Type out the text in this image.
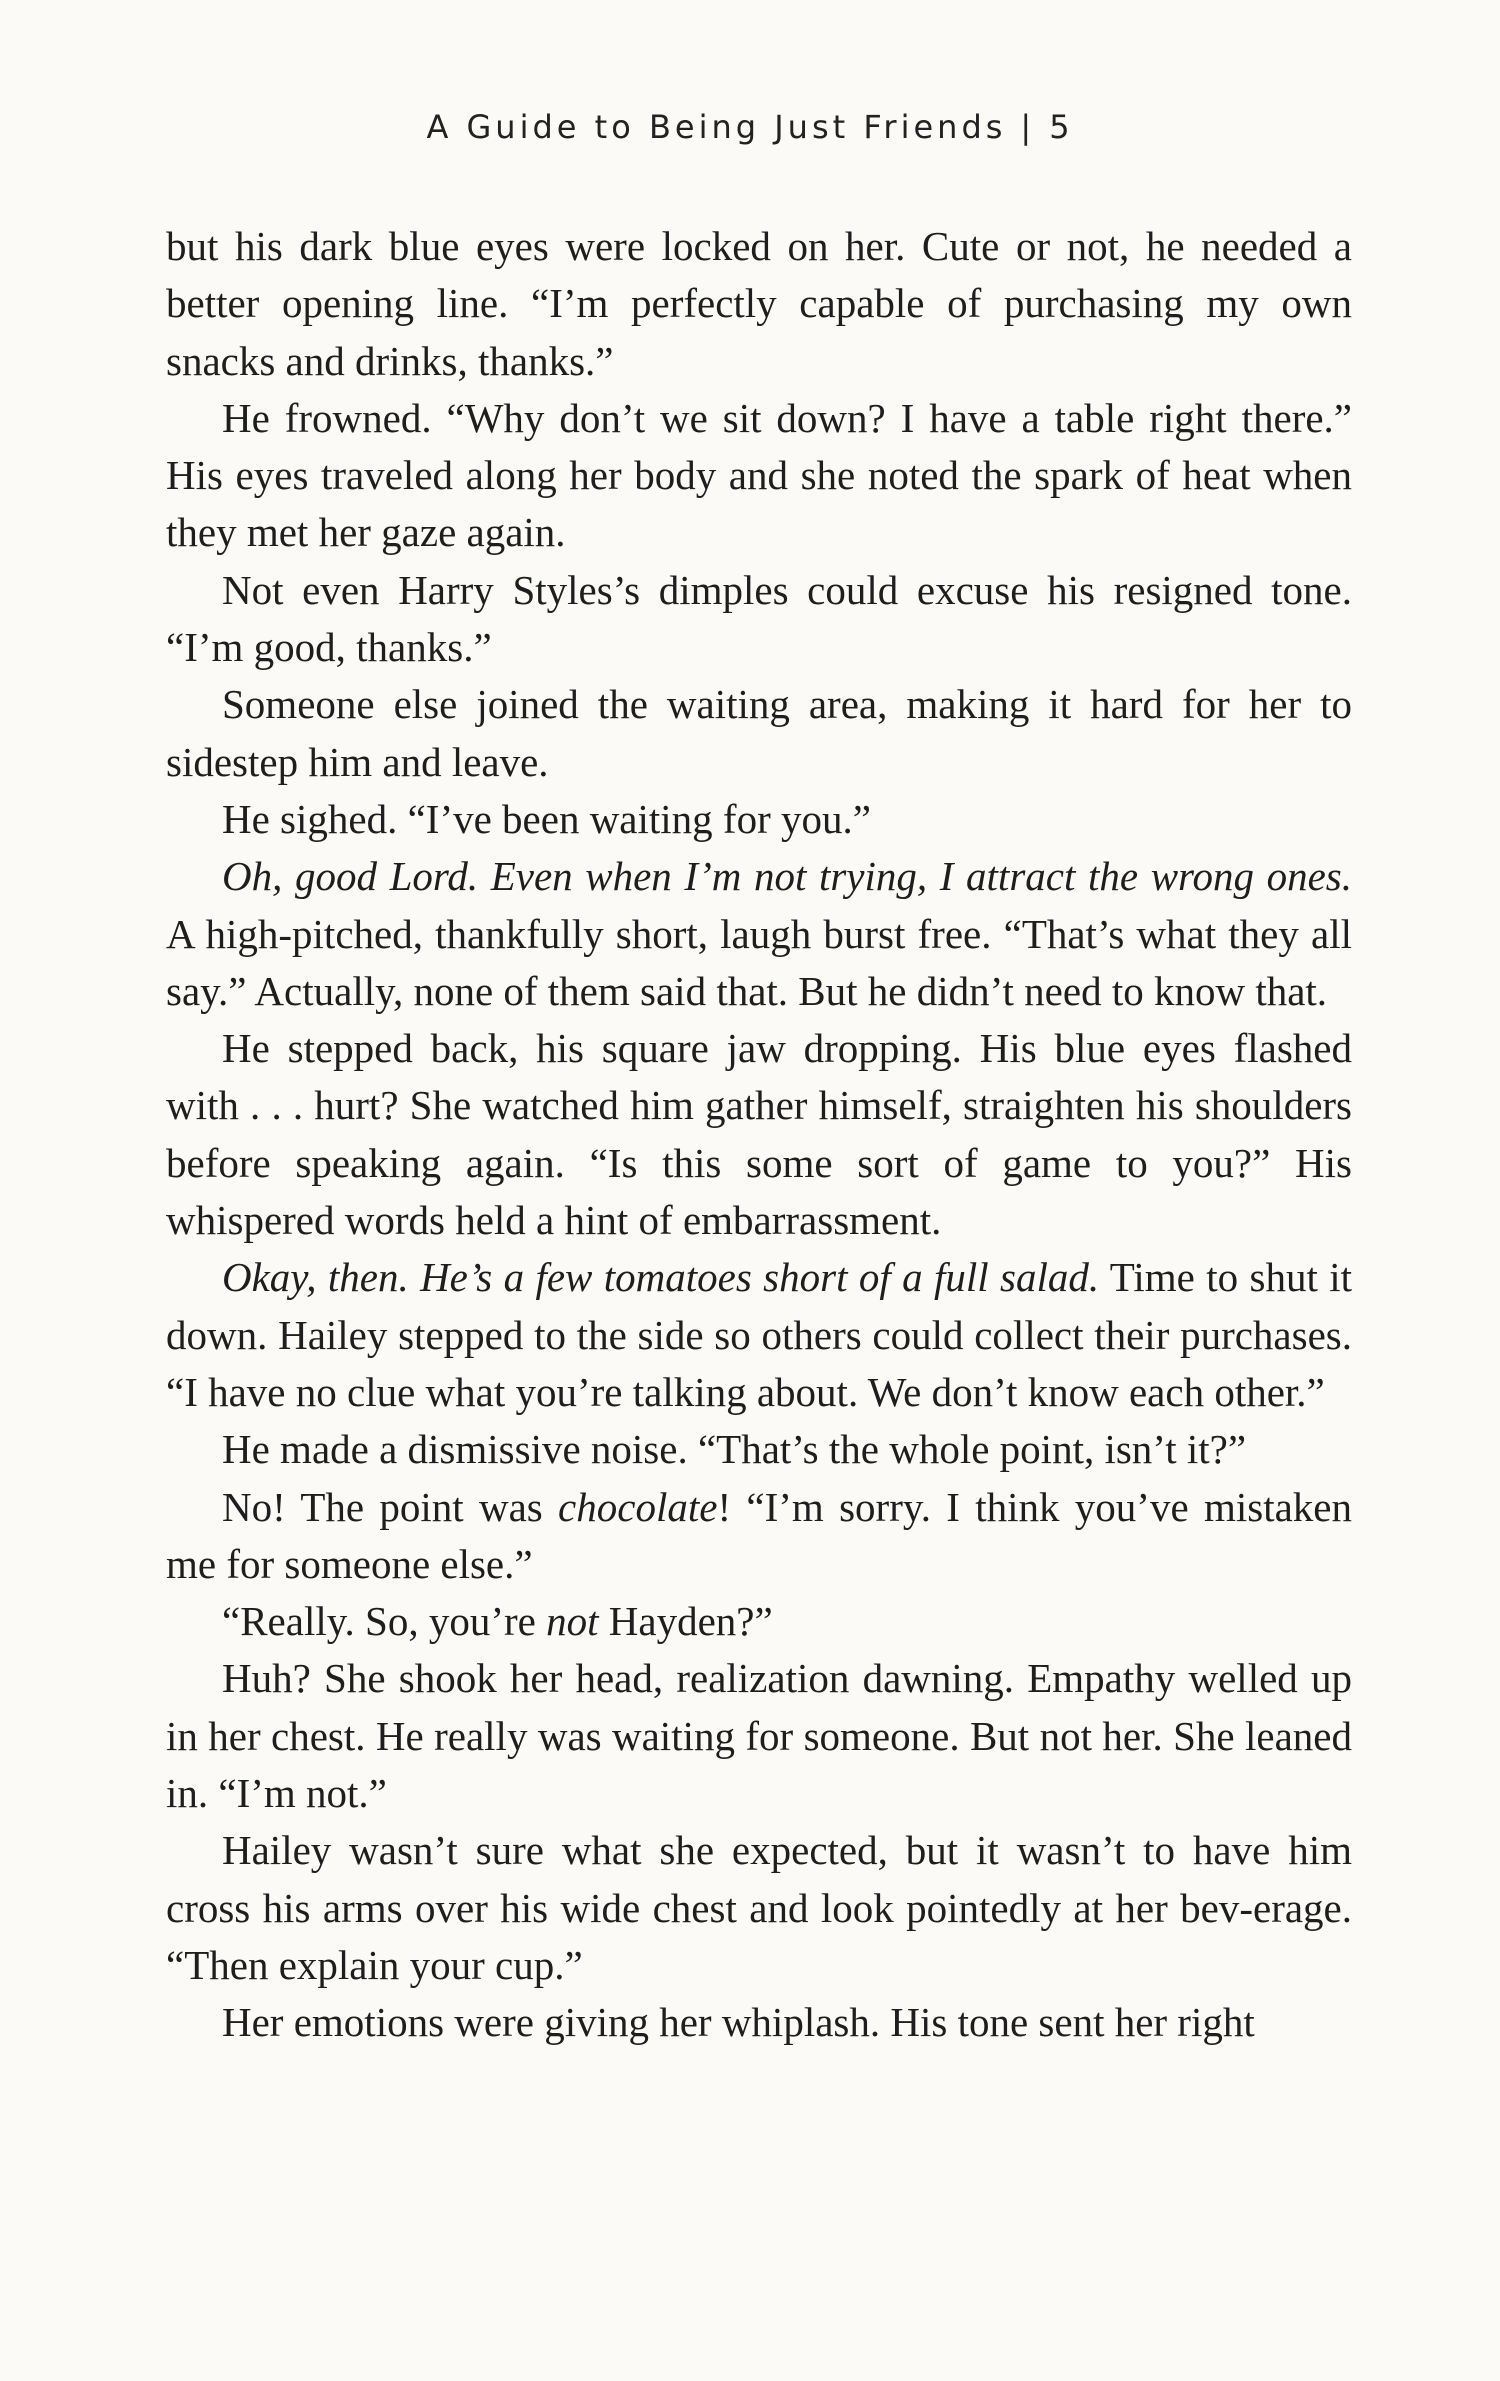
A Guide to Being Just Friends | 5

but his dark blue eyes were locked on her. Cute or not, he needed a better opening line. “I’m perfectly capable of purchasing my own snacks and drinks, thanks.”

He frowned. “Why don’t we sit down? I have a table right there.” His eyes traveled along her body and she noted the spark of heat when they met her gaze again.

Not even Harry Styles’s dimples could excuse his resigned tone. “I’m good, thanks.”

Someone else joined the waiting area, making it hard for her to sidestep him and leave.

He sighed. “I’ve been waiting for you.”

Oh, good Lord. Even when I’m not trying, I attract the wrong ones. A high-pitched, thankfully short, laugh burst free. “That’s what they all say.” Actually, none of them said that. But he didn’t need to know that.

He stepped back, his square jaw dropping. His blue eyes flashed with . . . hurt? She watched him gather himself, straighten his shoulders before speaking again. “Is this some sort of game to you?” His whispered words held a hint of embarrassment.

Okay, then. He’s a few tomatoes short of a full salad. Time to shut it down. Hailey stepped to the side so others could collect their purchases. “I have no clue what you’re talking about. We don’t know each other.”

He made a dismissive noise. “That’s the whole point, isn’t it?”

No! The point was chocolate! “I’m sorry. I think you’ve mistaken me for someone else.”

“Really. So, you’re not Hayden?”

Huh? She shook her head, realization dawning. Empathy welled up in her chest. He really was waiting for someone. But not her. She leaned in. “I’m not.”

Hailey wasn’t sure what she expected, but it wasn’t to have him cross his arms over his wide chest and look pointedly at her bev-erage. “Then explain your cup.”

Her emotions were giving her whiplash. His tone sent her right
